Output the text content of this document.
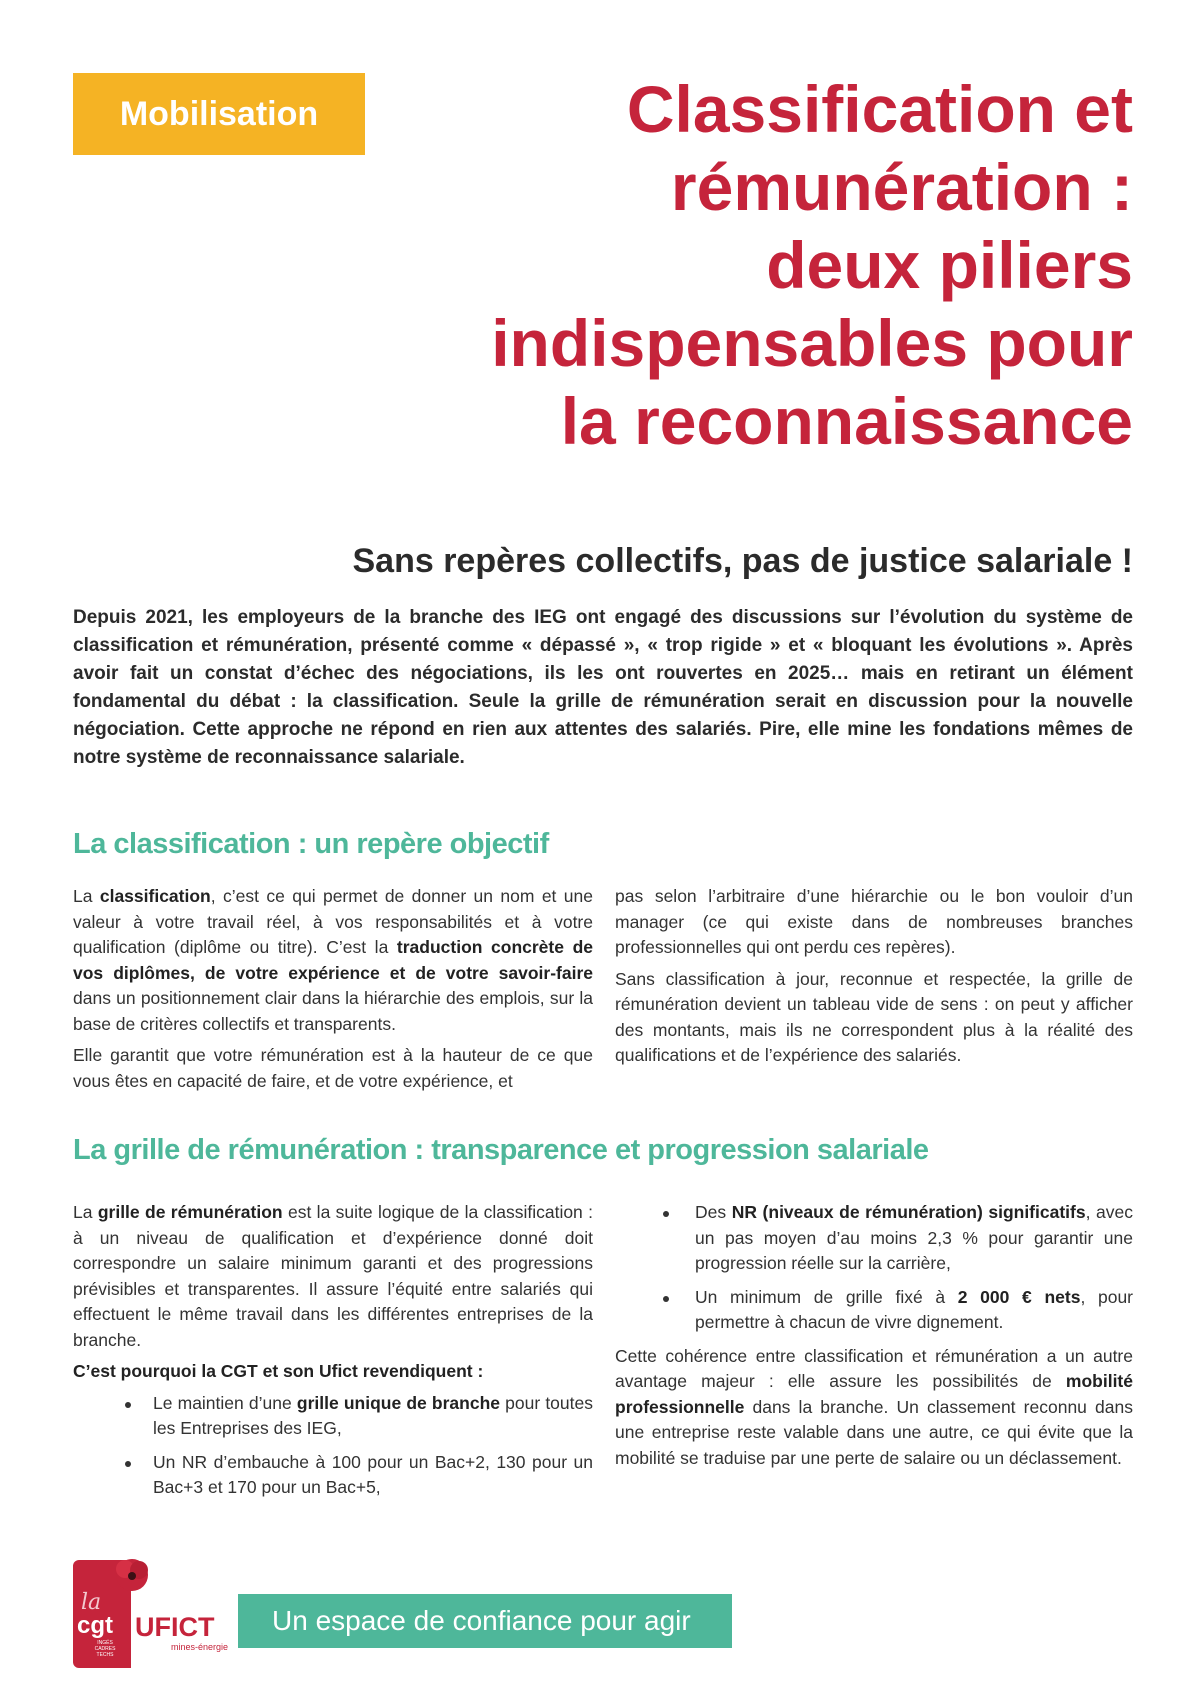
Mobilisation	Classification et
rémunération :
deux piliers
indispensables pour
la reconnaissance
Sans repères collectifs, pas de justice salariale !

Depuis 2021, les employeurs de la branche des IEG ont engagé des discussions sur l’évolution du système de classification et rémunération, présenté comme « dépassé », « trop rigide » et « bloquant les évolutions ». Après avoir fait un constat d’échec des négociations, ils les ont rouvertes en 2025… mais en retirant un élément fondamental du débat : la classification. Seule la grille de rémunération serait en discussion pour la nouvelle négociation. Cette approche ne répond en rien aux attentes des salariés. Pire, elle mine les fondations mêmes de notre système de reconnaissance salariale.

La classification : un repère objectif

La classification, c’est ce qui permet de donner un nom et une valeur à votre travail réel, à vos responsabilités et à votre qualification (diplôme ou titre). C’est la traduction concrète de vos diplômes, de votre expérience et de votre savoir-faire dans un positionnement clair dans la hiérarchie des emplois, sur la base de critères collectifs et transparents.

Elle garantit que votre rémunération est à la hauteur de ce que vous êtes en capacité de faire, et de votre expérience, et

pas selon l’arbitraire d’une hiérarchie ou le bon vouloir d’un manager (ce qui existe dans de nombreuses branches professionnelles qui ont perdu ces repères).

Sans classification à jour, reconnue et respectée, la grille de rémunération devient un tableau vide de sens : on peut y afficher des montants, mais ils ne correspondent plus à la réalité des qualifications et de l’expérience des salariés.

La grille de rémunération : transparence et progression salariale

La grille de rémunération est la suite logique de la classification : à un niveau de qualification et d’expérience donné doit correspondre un salaire minimum garanti et des progressions prévisibles et transparentes. Il assure l’équité entre salariés qui effectuent le même travail dans les différentes entreprises de la branche.

C’est pourquoi la CGT et son Ufict revendiquent :

Le maintien d’une grille unique de branche pour toutes les Entreprises des IEG,
Un NR d’embauche à 100 pour un Bac+2, 130 pour un Bac+3 et 170 pour un Bac+5,
Des NR (niveaux de rémunération) significatifs, avec un pas moyen d’au moins 2,3 % pour garantir une progression réelle sur la carrière,
Un minimum de grille fixé à 2 000 € nets, pour permettre à chacun de vivre dignement.

Cette cohérence entre classification et rémunération a un autre avantage majeur : elle assure les possibilités de mobilité professionnelle dans la branche. Un classement reconnu dans une entreprise reste valable dans une autre, ce qui évite que la mobilité se traduise par une perte de salaire ou un déclassement.

la
cgt
INGÉS CADRES TECHS
UFICT
mines-énergie
Un espace de confiance pour agir
